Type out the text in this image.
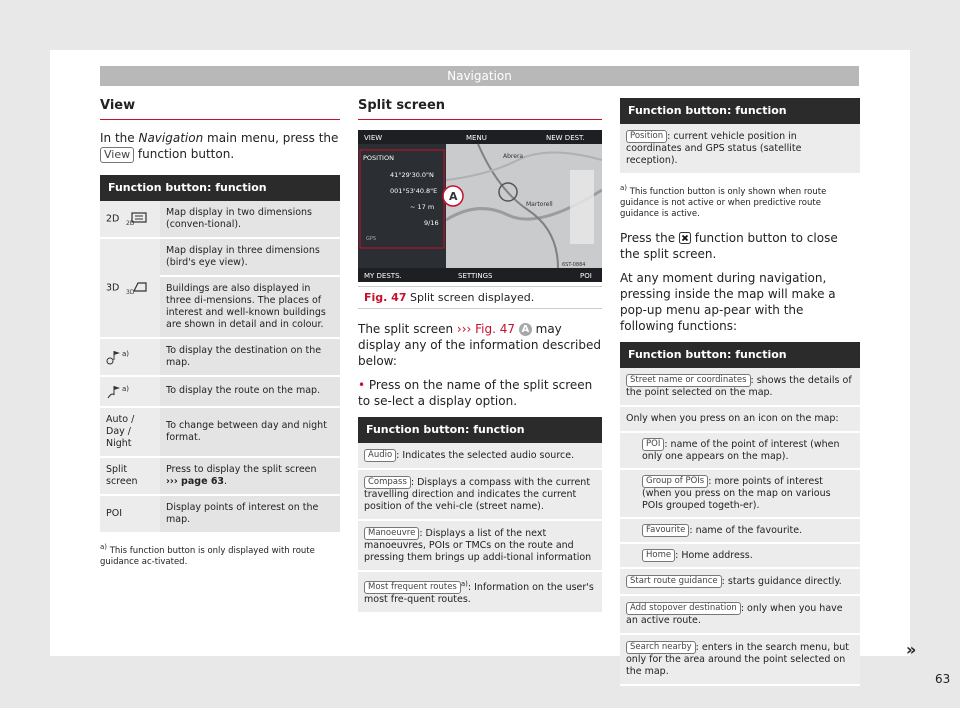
Navigation
View

In the Navigation main menu, press the View function button.

Function button: function
2D 2D	Map display in two dimensions (conven-tional).
3D 3D	Map display in three dimensions (bird's eye view).
	Buildings are also displayed in three di-mensions. The places of interest and well-known buildings are shown in detail and in colour.
$^{a)}$	To display the destination on the map.
$^{a)}$	To display the route on the map.
Auto / Day / Night	To change between day and night format.
Split screen	Press to display the split screen
››› page 63.
POI	Display points of interest on the map.
$^{a)}$ This function button is only displayed with route guidance ac-tivated.
Split screen
VIEW	MENU	NEW DEST.
Abrera
Martorell
POSITION
41°29'30.0"N
001°53'40.8"E
~ 17 m
9/16
GPS
A
MY DESTS.	SETTINGS	POI
6ST-0884
Fig. 47 Split screen displayed.

The split screen ››› Fig. 47 A may display any of the information described below:

• Press on the name of the split screen to se-lect a display option.

Function button: function
Audio : Indicates the selected audio source.
Compass : Displays a compass with the current travelling direction and indicates the current position of the vehi-cle (street name).
Manoeuvre : Displays a list of the next manoeuvres, POIs or TMCs on the route and pressing them brings up addi-tional information
Most frequent routes $^{a)}$: Information on the user's most fre-quent routes.
Function button: function
Position : current vehicle position in coordinates and GPS status (satellite reception).
$^{a)}$ This function button is only shown when route guidance is not active or when predictive route guidance is active.

Press the  function button to close the split screen.

At any moment during navigation, pressing inside the map will make a pop-up menu ap-pear with the following functions:

Function button: function
Street name or coordinates : shows the details of the point selected on the map.
Only when you press on an icon on the map:
POI : name of the point of interest (when only one appears on the map).
Group of POIs : more points of interest (when you press on the map on various POIs grouped togeth-er).
Favourite : name of the favourite.
Home : Home address.
Start route guidance : starts guidance directly.
Add stopover destination : only when you have an active route.
Search nearby : enters in the search menu, but only for the area around the point selected on the map.
»
63
